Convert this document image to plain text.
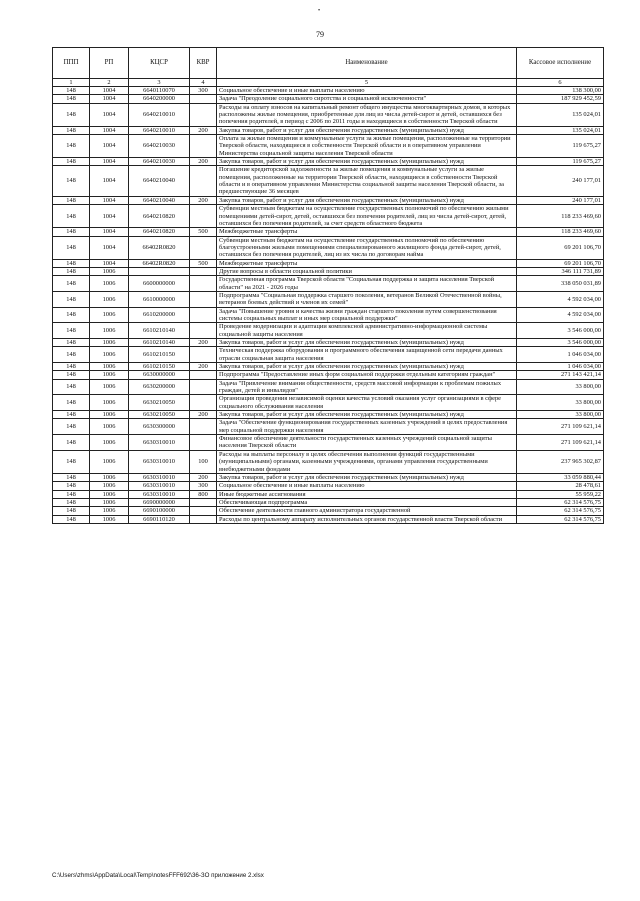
•
79
ППП	РП	КЦСР	КВР	Наименование	Кассовое исполнение
1	2	3	4	5	6
148	1004	6640110070	300	Социальное обеспечение и иные выплаты населению	138 300,00
148	1004	6640200000		Задача "Преодоление социального сиротства и социальной исключенности"	187 929 452,59
148	1004	6640210010		Расходы на оплату взносов на капитальный ремонт общего имущества многоквартирных домов, в которых расположены жилые помещения, приобретенные для лиц из числа детей-сирот и детей, оставшихся без попечения родителей, в период с 2006 по 2011 годы и находящиеся в собственности Тверской области	135 024,01
148	1004	6640210010	200	Закупка товаров, работ и услуг для обеспечения государственных (муниципальных) нужд	135 024,01
148	1004	6640210030		Оплата за жилые помещения и коммунальные услуги за жилые помещения, расположенные на территории Тверской области, находящиеся в собственности Тверской области и в оперативном управлении Министерства социальной защиты населения Тверской области	119 675,27
148	1004	6640210030	200	Закупка товаров, работ и услуг для обеспечения государственных (муниципальных) нужд	119 675,27
148	1004	6640210040		Погашение кредиторской задолженности за жилые помещения и коммунальные услуги за жилые помещения, расположенные на территории Тверской области, находящиеся в собственности Тверской области и в оперативном управлении Министерства социальной защиты населения Тверской области, за предшествующие 36 месяцев	240 177,01
148	1004	6640210040	200	Закупка товаров, работ и услуг для обеспечения государственных (муниципальных) нужд	240 177,01
148	1004	6640210820		Субвенции местным бюджетам на осуществление государственных полномочий по обеспечению жилыми помещениями детей-сирот, детей, оставшихся без попечения родителей, лиц из числа детей-сирот, детей, оставшихся без попечения родителей, за счет средств областного бюджета	118 233 469,60
148	1004	6640210820	500	Межбюджетные трансферты	118 233 469,60
148	1004	66402R0820		Субвенции местным бюджетам на осуществление государственных полномочий по обеспечению благоустроенными жилыми помещениями специализированного жилищного фонда детей-сирот, детей, оставшихся без попечения родителей, лиц из их числа по договорам найма	69 201 106,70
148	1004	66402R0820	500	Межбюджетные трансферты	69 201 106,70
148	1006			Другие вопросы в области социальной политики	346 111 731,89
148	1006	6600000000		Государственная программа Тверской области "Социальная поддержка и защита населения Тверской области" на 2021 - 2026 годы	338 050 031,89
148	1006	6610000000		Подпрограмма "Социальная поддержка старшего поколения, ветеранов Великой Отечественной войны, ветеранов боевых действий и членов их семей"	4 592 034,00
148	1006	6610200000		Задача "Повышение уровня и качества жизни граждан старшего поколения путем совершенствования системы социальных выплат и иных мер социальной поддержки"	4 592 034,00
148	1006	6610210140		Проведение модернизации и адаптации комплексной административно-информационной системы социальной защиты населения	3 546 000,00
148	1006	6610210140	200	Закупка товаров, работ и услуг для обеспечения государственных (муниципальных) нужд	3 546 000,00
148	1006	6610210150		Техническая поддержка оборудования и программного обеспечения защищенной сети передачи данных отрасли социальная защита населения	1 046 034,00
148	1006	6610210150	200	Закупка товаров, работ и услуг для обеспечения государственных (муниципальных) нужд	1 046 034,00
148	1006	6630000000		Подпрограмма "Предоставление иных форм социальной поддержки отдельным категориям граждан"	271 143 421,14
148	1006	6630200000		Задача "Привлечение внимания общественности, средств массовой информации к проблемам пожилых граждан, детей и инвалидов"	33 800,00
148	1006	6630210050		Организация проведения независимой оценки качества условий оказания услуг организациями в сфере социального обслуживания населения	33 800,00
148	1006	6630210050	200	Закупка товаров, работ и услуг для обеспечения государственных (муниципальных) нужд	33 800,00
148	1006	6630300000		Задача "Обеспечение функционирования государственных казенных учреждений в целях предоставления мер социальной поддержки населения	271 109 621,14
148	1006	6630310010		Финансовое обеспечение деятельности государственных казенных учреждений социальной защиты населения Тверской области	271 109 621,14
148	1006	6630310010	100	Расходы на выплаты персоналу в целях обеспечения выполнения функций государственными (муниципальными) органами, казенными учреждениями, органами управления государственными внебюджетными фондами	237 965 302,87
148	1006	6630310010	200	Закупка товаров, работ и услуг для обеспечения государственных (муниципальных) нужд	33 059 880,44
148	1006	6630310010	300	Социальное обеспечение и иные выплаты населению	28 478,61
148	1006	6630310010	800	Иные бюджетные ассигнования	55 959,22
148	1006	6690000000		Обеспечивающая подпрограмма	62 314 576,75
148	1006	6690100000		Обеспечение деятельности главного администратора государственной	62 314 576,75
148	1006	6690110120		Расходы по центральному аппарату исполнительных органов государственной власти Тверской области	62 314 576,75
C:\Users\zhms\AppData\Local\Temp\notesFFF692\36-ЗО приложение 2.xlsx
